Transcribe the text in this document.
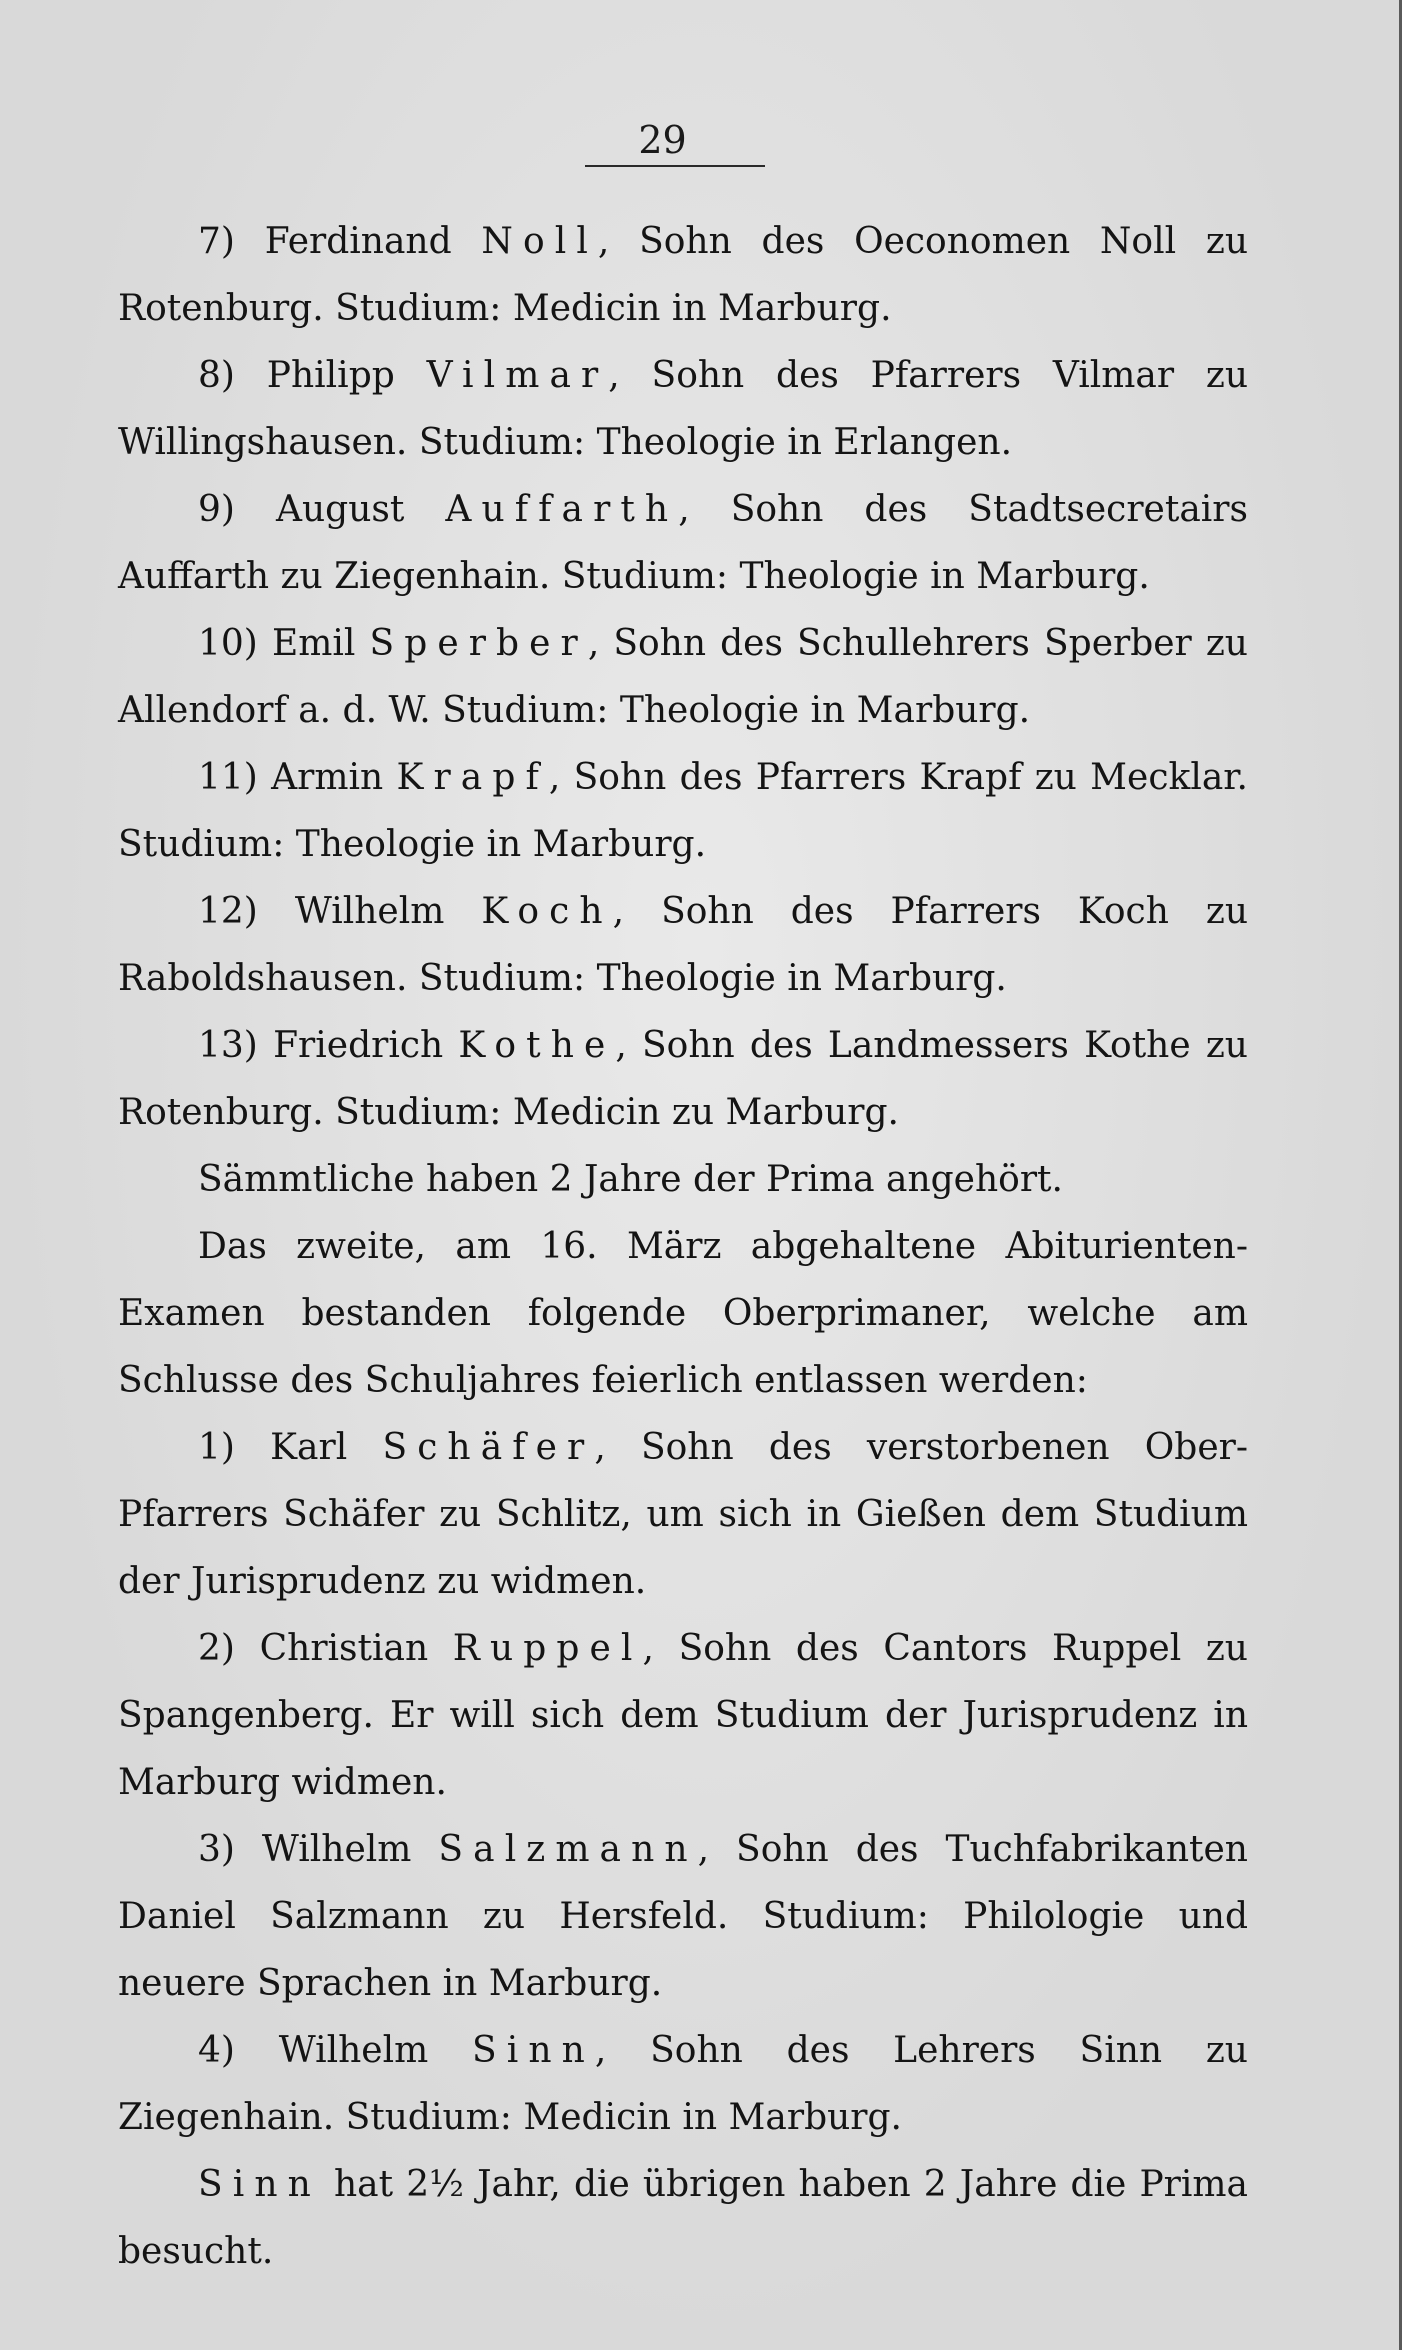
29

7) Ferdinand Noll, Sohn des Oeconomen Noll zu Rotenburg. Studium: Medicin in Marburg.

8) Philipp Vilmar, Sohn des Pfarrers Vilmar zu Willingshausen. Studium: Theologie in Erlangen.

9) August Auffarth, Sohn des Stadtsecretairs Auffarth zu Ziegenhain. Studium: Theologie in Marburg.

10) Emil Sperber, Sohn des Schullehrers Sperber zu Allendorf a. d. W. Studium: Theologie in Marburg.

11) Armin Krapf, Sohn des Pfarrers Krapf zu Mecklar. Studium: Theologie in Marburg.

12) Wilhelm Koch, Sohn des Pfarrers Koch zu Raboldshausen. Studium: Theologie in Marburg.

13) Friedrich Kothe, Sohn des Landmessers Kothe zu Rotenburg. Studium: Medicin zu Marburg.

Sämmtliche haben 2 Jahre der Prima angehört.

Das zweite, am 16. März abgehaltene Abiturienten-Examen bestanden folgende Oberprimaner, welche am Schlusse des Schuljahres feierlich entlassen werden:

1) Karl Schäfer, Sohn des verstorbenen Ober-Pfarrers Schäfer zu Schlitz, um sich in Gießen dem Studium der Jurisprudenz zu widmen.

2) Christian Ruppel, Sohn des Cantors Ruppel zu Spangenberg. Er will sich dem Studium der Jurisprudenz in Marburg widmen.

3) Wilhelm Salzmann, Sohn des Tuchfabrikanten Daniel Salzmann zu Hersfeld. Studium: Philologie und neuere Sprachen in Marburg.

4) Wilhelm Sinn, Sohn des Lehrers Sinn zu Ziegenhain. Studium: Medicin in Marburg.

Sinn hat 2½ Jahr, die übrigen haben 2 Jahre die Prima besucht.
